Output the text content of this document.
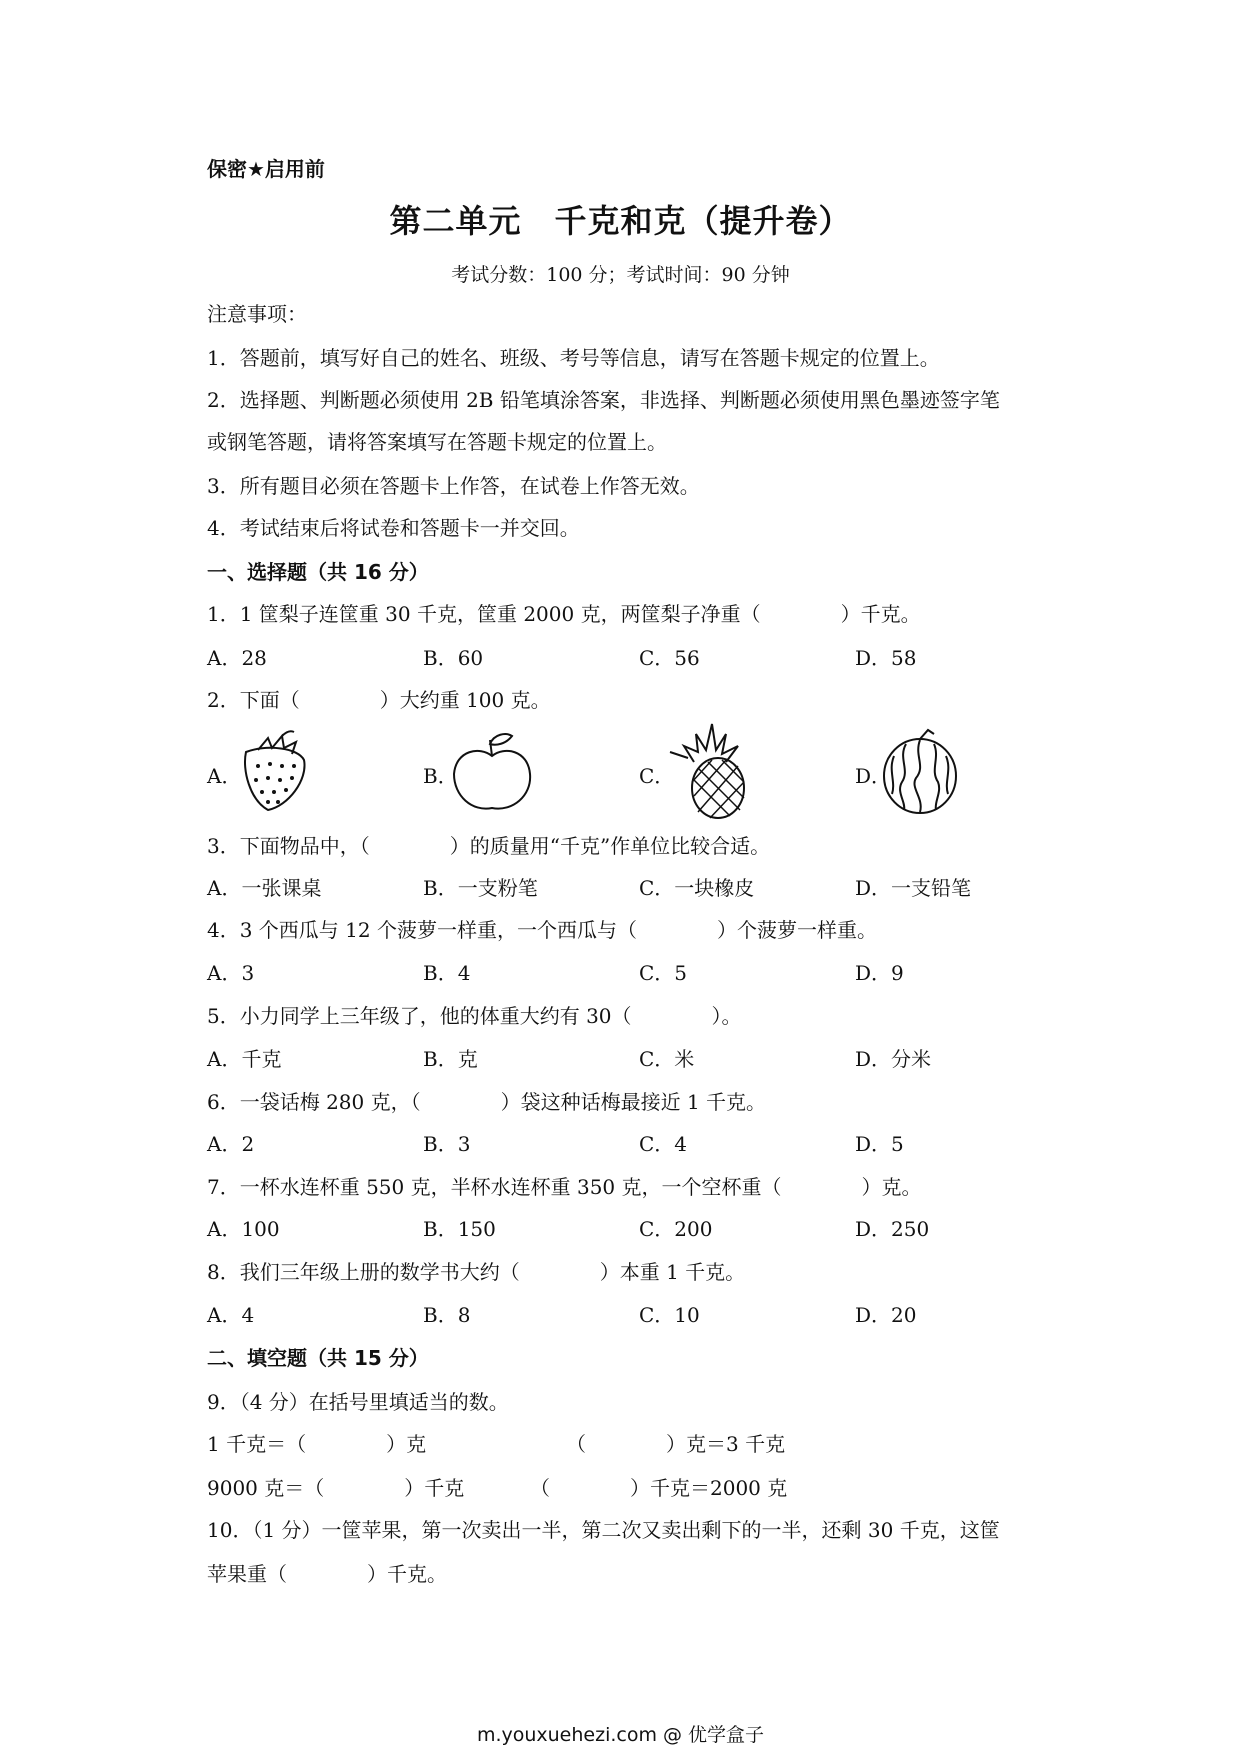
保密★启用前
第二单元　千克和克（提升卷）
考试分数：100 分；考试时间：90 分钟
注意事项：
1．答题前，填写好自己的姓名、班级、考号等信息，请写在答题卡规定的位置上。
2．选择题、判断题必须使用 2B 铅笔填涂答案，非选择、判断题必须使用黑色墨迹签字笔
或钢笔答题，请将答案填写在答题卡规定的位置上。
3．所有题目必须在答题卡上作答，在试卷上作答无效。
4．考试结束后将试卷和答题卡一并交回。
一、选择题（共 16 分）
1．1 筐梨子连筐重 30 千克，筐重 2000 克，两筐梨子净重（　　　　）千克。
A．28	B．60	C．56	D．58
2．下面（　　　　）大约重 100 克。
A．	B．	C．	D．
3．下面物品中，（　　　　）的质量用“千克”作单位比较合适。
A．一张课桌	B．一支粉笔	C．一块橡皮	D．一支铅笔
4．3 个西瓜与 12 个菠萝一样重，一个西瓜与（　　　　）个菠萝一样重。
A．3	B．4	C．5	D．9
5．小力同学上三年级了，他的体重大约有 30（　　　　）。
A．千克	B．克	C．米	D．分米
6．一袋话梅 280 克，（　　　　）袋这种话梅最接近 1 千克。
A．2	B．3	C．4	D．5
7．一杯水连杯重 550 克，半杯水连杯重 350 克，一个空杯重（　　　　）克。
A．100	B．150	C．200	D．250
8．我们三年级上册的数学书大约（　　　　）本重 1 千克。
A．4	B．8	C．10	D．20
二、填空题（共 15 分）
9．（4 分）在括号里填适当的数。
1 千克＝（　　　　）克	（　　　　）克＝3 千克
9000 克＝（　　　　）千克	（　　　　）千克＝2000 克
10．（1 分）一筐苹果，第一次卖出一半，第二次又卖出剩下的一半，还剩 30 千克，这筐
苹果重（　　　　）千克。
m.youxuehezi.com @ 优学盒子
